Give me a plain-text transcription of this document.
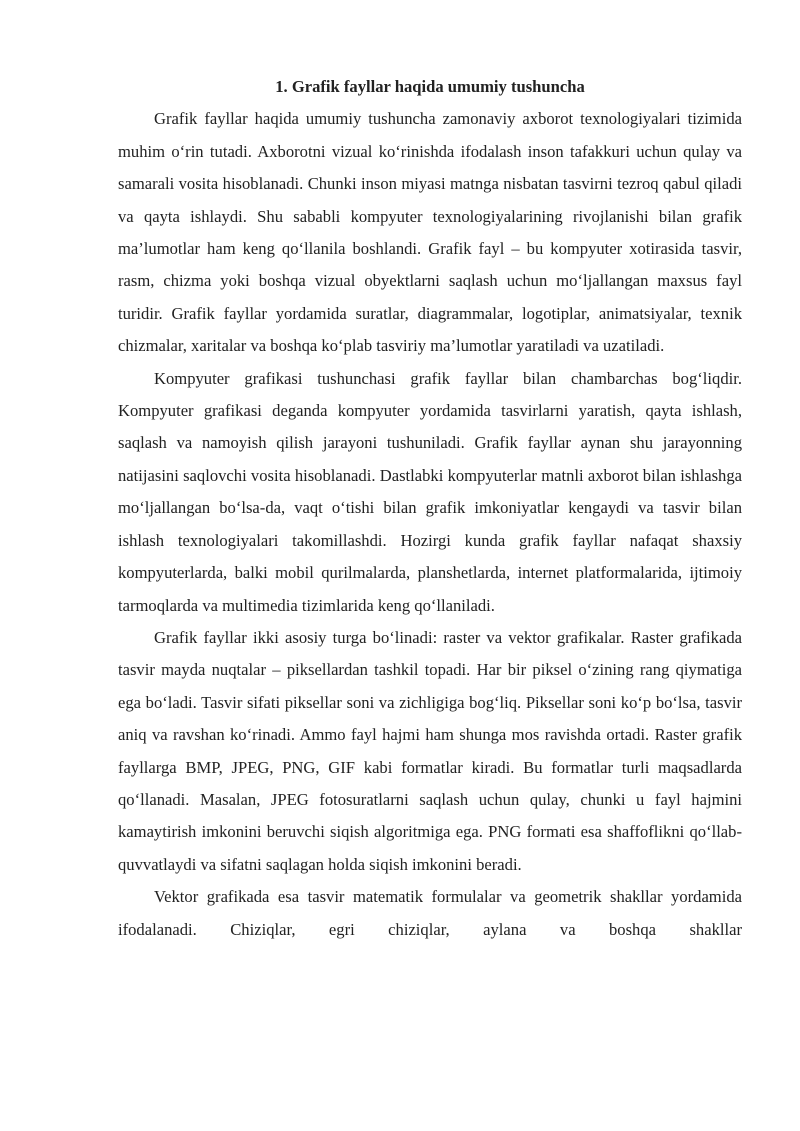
1. Grafik fayllar haqida umumiy tushuncha

Grafik fayllar haqida umumiy tushuncha zamonaviy axborot texnologiyalari tizimida muhim o‘rin tutadi. Axborotni vizual ko‘rinishda ifodalash inson tafakkuri uchun qulay va samarali vosita hisoblanadi. Chunki inson miyasi matnga nisbatan tasvirni tezroq qabul qiladi va qayta ishlaydi. Shu sababli kompyuter texnologiyalarining rivojlanishi bilan grafik ma’lumotlar ham keng qo‘llanila boshlandi. Grafik fayl – bu kompyuter xotirasida tasvir, rasm, chizma yoki boshqa vizual obyektlarni saqlash uchun mo‘ljallangan maxsus fayl turidir. Grafik fayllar yordamida suratlar, diagrammalar, logotiplar, animatsiyalar, texnik chizmalar, xaritalar va boshqa ko‘plab tasviriy ma’lumotlar yaratiladi va uzatiladi.

Kompyuter grafikasi tushunchasi grafik fayllar bilan chambarchas bog‘liqdir. Kompyuter grafikasi deganda kompyuter yordamida tasvirlarni yaratish, qayta ishlash, saqlash va namoyish qilish jarayoni tushuniladi. Grafik fayllar aynan shu jarayonning natijasini saqlovchi vosita hisoblanadi. Dastlabki kompyuterlar matnli axborot bilan ishlashga mo‘ljallangan bo‘lsa-da, vaqt o‘tishi bilan grafik imkoniyatlar kengaydi va tasvir bilan ishlash texnologiyalari takomillashdi. Hozirgi kunda grafik fayllar nafaqat shaxsiy kompyuterlarda, balki mobil qurilmalarda, planshetlarda, internet platformalarida, ijtimoiy tarmoqlarda va multimedia tizimlarida keng qo‘llaniladi.

Grafik fayllar ikki asosiy turga bo‘linadi: raster va vektor grafikalar. Raster grafikada tasvir mayda nuqtalar – piksellardan tashkil topadi. Har bir piksel o‘zining rang qiymatiga ega bo‘ladi. Tasvir sifati piksellar soni va zichligiga bog‘liq. Piksellar soni ko‘p bo‘lsa, tasvir aniq va ravshan ko‘rinadi. Ammo fayl hajmi ham shunga mos ravishda ortadi. Raster grafik fayllarga BMP, JPEG, PNG, GIF kabi formatlar kiradi. Bu formatlar turli maqsadlarda qo‘llanadi. Masalan, JPEG fotosuratlarni saqlash uchun qulay, chunki u fayl hajmini kamaytirish imkonini beruvchi siqish algoritmiga ega. PNG formati esa shaffoflikni qo‘llab-quvvatlaydi va sifatni saqlagan holda siqish imkonini beradi.

Vektor grafikada esa tasvir matematik formulalar va geometrik shakllar yordamida ifodalanadi. Chiziqlar, egri chiziqlar, aylana va boshqa shakllar
